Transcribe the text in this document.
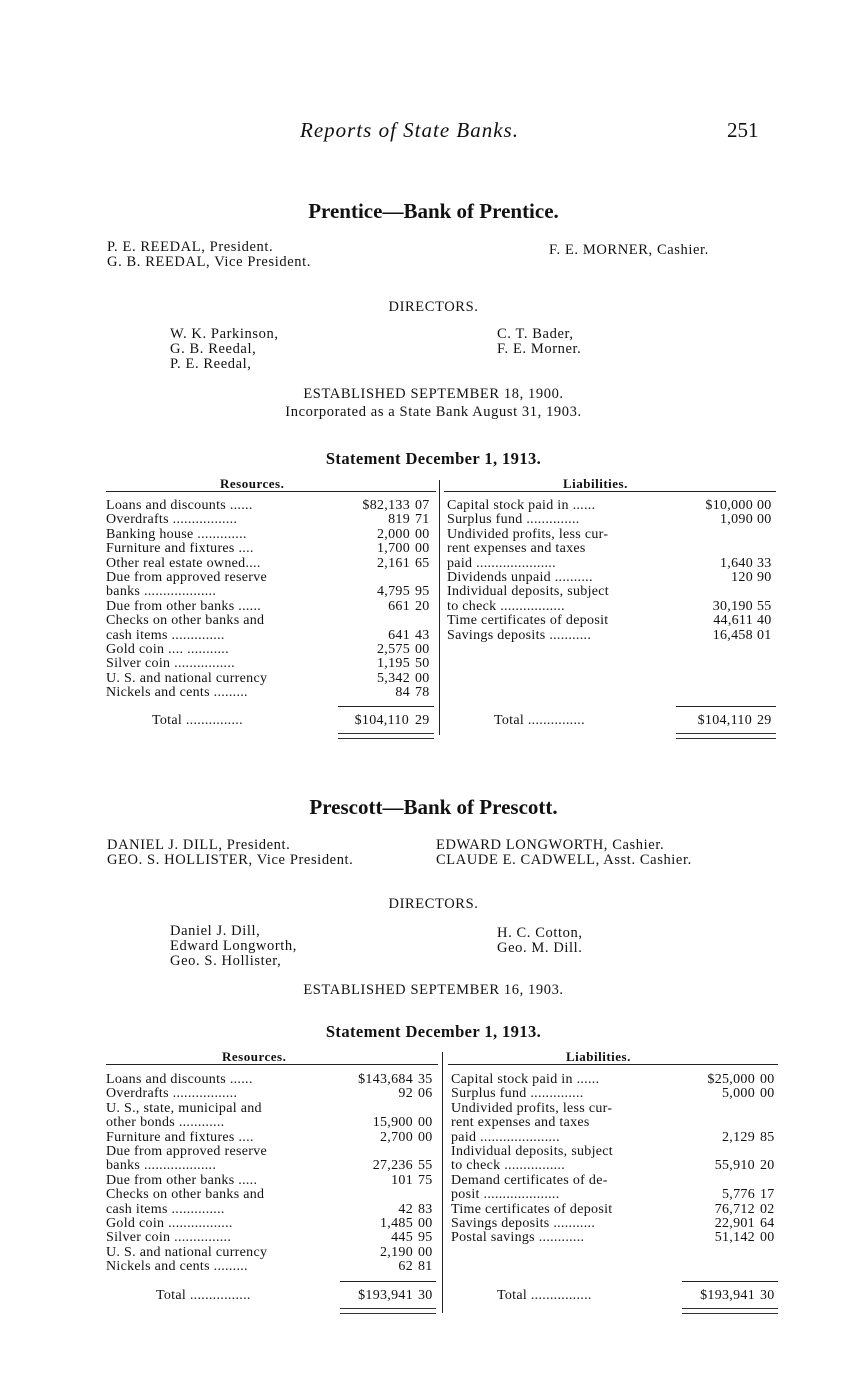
Reports of State Banks.	251
Prentice—Bank of Prentice.
P. E. REEDAL, President.
G. B. REEDAL, Vice President.
F. E. MORNER, Cashier.
DIRECTORS.
W. K. Parkinson,
G. B. Reedal,
P. E. Reedal,
C. T. Bader,
F. E. Morner.
ESTABLISHED SEPTEMBER 18, 1900.
Incorporated as a State Bank August 31, 1903.
Statement December 1, 1913.
Resources.	Liabilities.
Loans and discounts ......	$82,133 07
Overdrafts .................	819 71
Banking house .............	2,000 00
Furniture and fixtures ....	1,700 00
Other real estate owned....	2,161 65
Due from approved reserve
banks ...................	4,795 95
Due from other banks ......	661 20
Checks on other banks and
cash items ..............	641 43
Gold coin .... ...........	2,575 00
Silver coin ................	1,195 50
U. S. and national currency	5,342 00
Nickels and cents .........	84 78
Capital stock paid in ......	$10,000 00
Surplus fund ..............	1,090 00
Undivided profits, less cur-
rent expenses and taxes
paid .....................	1,640 33
Dividends unpaid ..........	120 90
Individual deposits, subject
to check .................	30,190 55
Time certificates of deposit	44,611 40
Savings deposits ...........	16,458 01
Total ...............	$104,110 29	Total ...............	$104,110 29
Prescott—Bank of Prescott.
DANIEL J. DILL, President.
GEO. S. HOLLISTER, Vice President.
EDWARD LONGWORTH, Cashier.
CLAUDE E. CADWELL, Asst. Cashier.
DIRECTORS.
Daniel J. Dill,
Edward Longworth,
Geo. S. Hollister,
H. C. Cotton,
Geo. M. Dill.
ESTABLISHED SEPTEMBER 16, 1903.
Statement December 1, 1913.
Resources.	Liabilities.
Loans and discounts ......	$143,684 35
Overdrafts .................	92 06
U. S., state, municipal and
other bonds ............	15,900 00
Furniture and fixtures ....	2,700 00
Due from approved reserve
banks ...................	27,236 55
Due from other banks .....	101 75
Checks on other banks and
cash items ..............	42 83
Gold coin .................	1,485 00
Silver coin ...............	445 95
U. S. and national currency	2,190 00
Nickels and cents .........	62 81
Capital stock paid in ......	$25,000 00
Surplus fund ..............	5,000 00
Undivided profits, less cur-
rent expenses and taxes
paid .....................	2,129 85
Individual deposits, subject
to check ................	55,910 20
Demand certificates of de-
posit ....................	5,776 17
Time certificates of deposit	76,712 02
Savings deposits ...........	22,901 64
Postal savings ............	51,142 00
Total ................	$193,941 30	Total ................	$193,941 30
